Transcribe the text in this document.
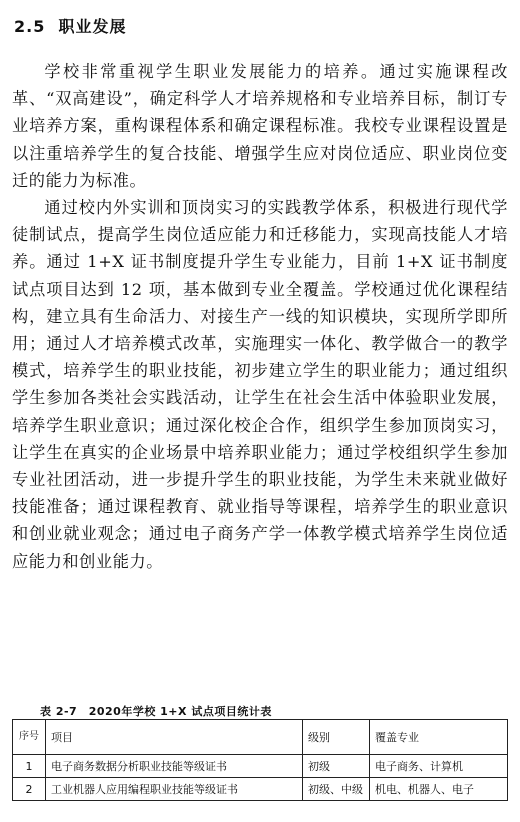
2.5 职业发展

学校非常重视学生职业发展能力的培养。通过实施课程改革、“双高建设”，确定科学人才培养规格和专业培养目标，制订专业培养方案，重构课程体系和确定课程标准。我校专业课程设置是以注重培养学生的复合技能、增强学生应对岗位适应、职业岗位变迁的能力为标准。

通过校内外实训和顶岗实习的实践教学体系，积极进行现代学徒制试点，提高学生岗位适应能力和迁移能力，实现高技能人才培养。通过 1+X 证书制度提升学生专业能力，目前 1+X 证书制度试点项目达到 12 项，基本做到专业全覆盖。学校通过优化课程结构，建立具有生命活力、对接生产一线的知识模块，实现所学即所用；通过人才培养模式改革，实施理实一体化、教学做合一的教学模式，培养学生的职业技能，初步建立学生的职业能力；通过组织学生参加各类社会实践活动，让学生在社会生活中体验职业发展，培养学生职业意识；通过深化校企合作，组织学生参加顶岗实习，让学生在真实的企业场景中培养职业能力；通过学校组织学生参加专业社团活动，进一步提升学生的职业技能，为学生未来就业做好技能准备；通过课程教育、就业指导等课程，培养学生的职业意识和创业就业观念；通过电子商务产学一体教学模式培养学生岗位适应能力和创业能力。

表 2-7　2020年学校 1+X 试点项目统计表
序号	项目	级别	覆盖专业
1	电子商务数据分析职业技能等级证书	初级	电子商务、计算机
2	工业机器人应用编程职业技能等级证书	初级、中级	机电、机器人、电子
